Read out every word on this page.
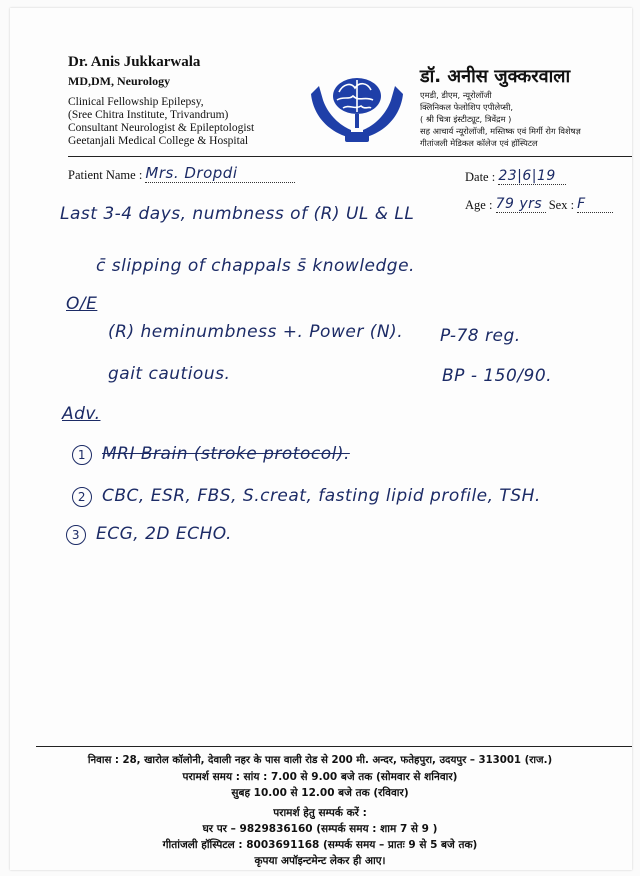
Dr. Anis Jukkarwala
MD,DM, Neurology
Clinical Fellowship Epilepsy,
(Sree Chitra Institute, Trivandrum)
Consultant Neurologist & Epileptologist
Geetanjali Medical College & Hospital
डॉ. अनीस जुक्करवाला
एमडी, डीएम, न्यूरोलॉजी
क्लिनिकल फेलोशिप एपीलेप्सी,
( श्री चित्रा इंस्टीट्यूट, त्रिवेंद्रम )
सह आचार्य न्यूरोलॉजी, मस्तिष्क एवं मिर्गी रोग विशेषज्ञ
गीतांजली मेडिकल कॉलेज एवं हॉस्पिटल
Patient Name : Mrs. Dropdi	Date : 23|6|19
Age : 79 yrs Sex : F
Last 3-4 days, numbness of (R) UL & LL
c̄ slipping of chappals s̄ knowledge.
O/E
(R) heminumbness +. Power (N). P-78 reg.
gait cautious.	BP - 150/90.
Adv.
1 MRI Brain (stroke protocol).
2 CBC, ESR, FBS, S.creat, fasting lipid profile, TSH.
3 ECG, 2D ECHO.
निवास : 28, खारोल कॉलोनी, देवाली नहर के पास वाली रोड से 200 मी. अन्दर, फतेहपुरा, उदयपुर – 313001 (राज.)
परामर्श समय : सांय : 7.00 से 9.00 बजे तक (सोमवार से शनिवार)
सुबह 10.00 से 12.00 बजे तक (रविवार)
परामर्श हेतु सम्पर्क करें :
घर पर – 9829836160 (सम्पर्क समय : शाम 7 से 9 )
गीतांजली हॉस्पिटल : 8003691168 (सम्पर्क समय – प्रातः 9 से 5 बजे तक)
कृपया अपॉइन्टमेन्ट लेकर ही आए।
